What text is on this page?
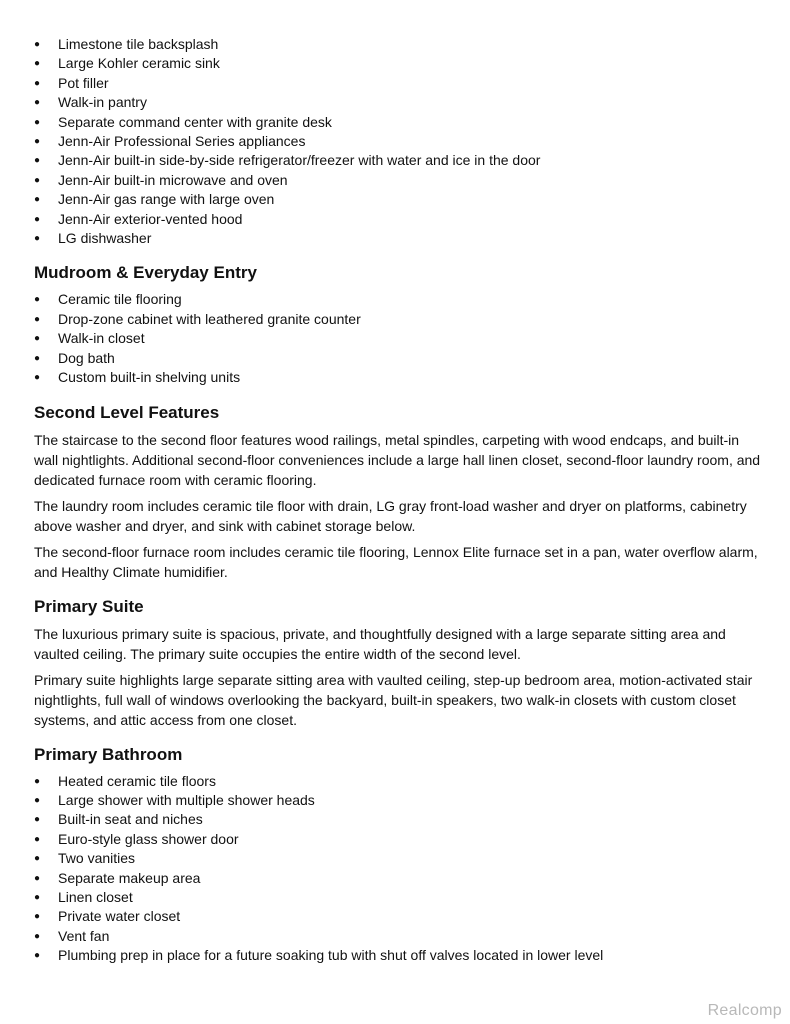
● Limestone tile backsplash
● Large Kohler ceramic sink
● Pot filler
● Walk-in pantry
● Separate command center with granite desk
● Jenn-Air Professional Series appliances
● Jenn-Air built-in side-by-side refrigerator/freezer with water and ice in the door
● Jenn-Air built-in microwave and oven
● Jenn-Air gas range with large oven
● Jenn-Air exterior-vented hood
● LG dishwasher
Mudroom & Everyday Entry
● Ceramic tile flooring
● Drop-zone cabinet with leathered granite counter
● Walk-in closet
● Dog bath
● Custom built-in shelving units
Second Level Features

The staircase to the second floor features wood railings, metal spindles, carpeting with wood endcaps, and built-in wall nightlights. Additional second-floor conveniences include a large hall linen closet, second-floor laundry room, and dedicated furnace room with ceramic flooring.

The laundry room includes ceramic tile floor with drain, LG gray front-load washer and dryer on platforms, cabinetry above washer and dryer, and sink with cabinet storage below.

The second-floor furnace room includes ceramic tile flooring, Lennox Elite furnace set in a pan, water overflow alarm, and Healthy Climate humidifier.

Primary Suite

The luxurious primary suite is spacious, private, and thoughtfully designed with a large separate sitting area and vaulted ceiling. The primary suite occupies the entire width of the second level.

Primary suite highlights large separate sitting area with vaulted ceiling, step-up bedroom area, motion-activated stair nightlights, full wall of windows overlooking the backyard, built-in speakers, two walk-in closets with custom closet systems, and attic access from one closet.

Primary Bathroom
● Heated ceramic tile floors
● Large shower with multiple shower heads
● Built-in seat and niches
● Euro-style glass shower door
● Two vanities
● Separate makeup area
● Linen closet
● Private water closet
● Vent fan
● Plumbing prep in place for a future soaking tub with shut off valves located in lower level
Realcomp
